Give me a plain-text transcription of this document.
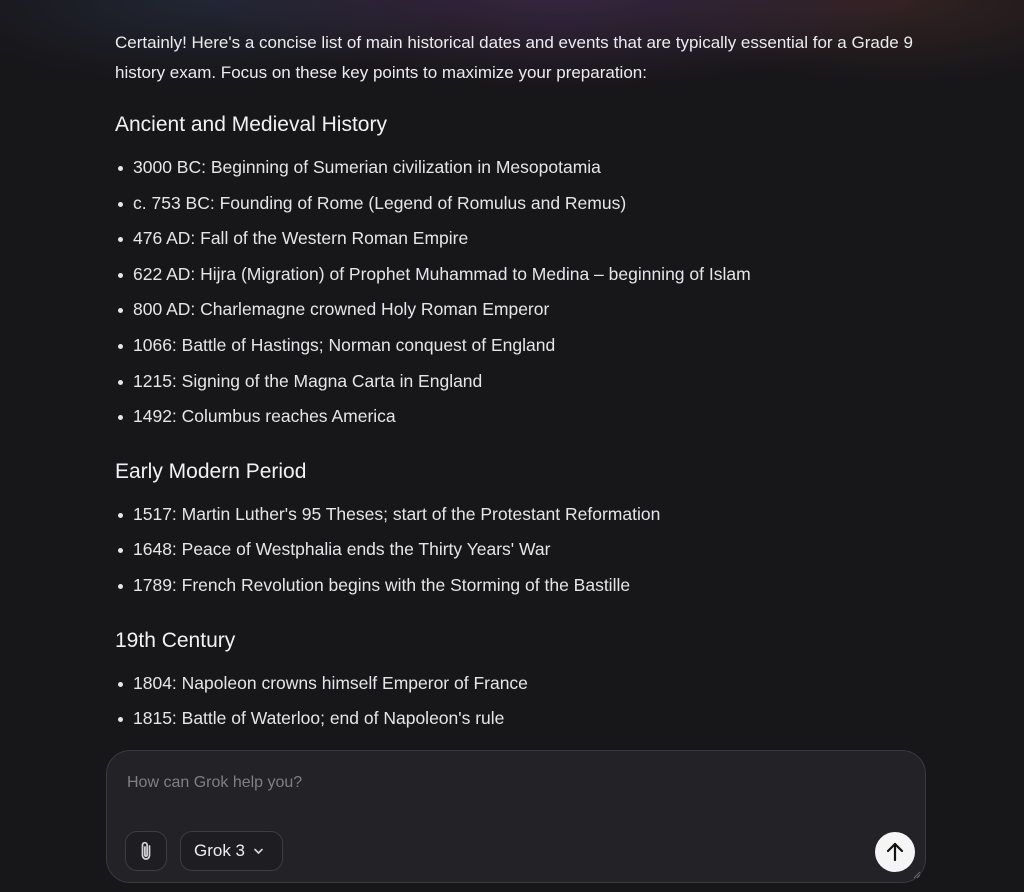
Certainly! Here's a concise list of main historical dates and events that are typically essential for a Grade 9 history exam. Focus on these key points to maximize your preparation:

Ancient and Medieval History
3000 BC: Beginning of Sumerian civilization in Mesopotamia
c. 753 BC: Founding of Rome (Legend of Romulus and Remus)
476 AD: Fall of the Western Roman Empire
622 AD: Hijra (Migration) of Prophet Muhammad to Medina – beginning of Islam
800 AD: Charlemagne crowned Holy Roman Emperor
1066: Battle of Hastings; Norman conquest of England
1215: Signing of the Magna Carta in England
1492: Columbus reaches America
Early Modern Period
1517: Martin Luther's 95 Theses; start of the Protestant Reformation
1648: Peace of Westphalia ends the Thirty Years' War
1789: French Revolution begins with the Storming of the Bastille
19th Century
1804: Napoleon crowns himself Emperor of France
1815: Battle of Waterloo; end of Napoleon's rule
How can Grok help you?
Grok 3
